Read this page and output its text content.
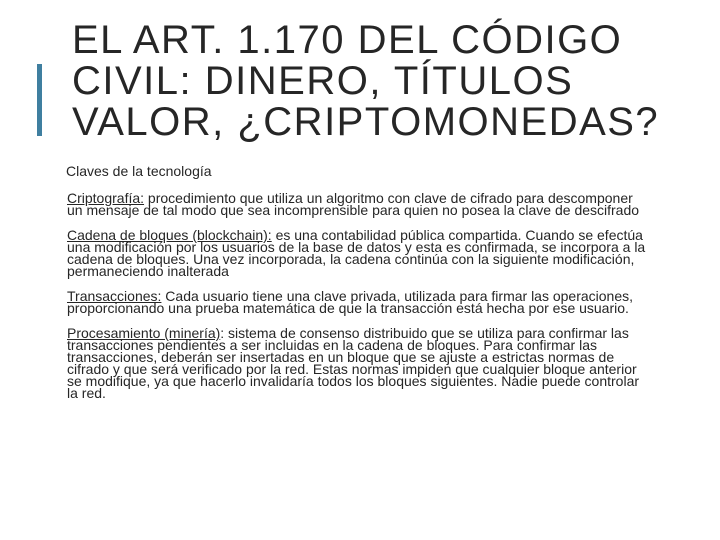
EL ART. 1.170 DEL CÓDIGO CIVIL: DINERO, TÍTULOS VALOR, ¿CRIPTOMONEDAS?
Claves de la tecnología

Criptografía: procedimiento que utiliza un algoritmo con clave de cifrado para descomponer un mensaje de tal modo que sea incomprensible para quien no posea la clave de descifrado

Cadena de bloques (blockchain): es una contabilidad pública compartida. Cuando se efectúa una modificación por los usuarios de la base de datos y esta es confirmada, se incorpora a la cadena de bloques. Una vez incorporada, la cadena continúa con la siguiente modificación, permaneciendo inalterada

Transacciones: Cada usuario tiene una clave privada, utilizada para firmar las operaciones, proporcionando una prueba matemática de que la transacción está hecha por ese usuario.

Procesamiento (minería): sistema de consenso distribuido que se utiliza para confirmar las transacciones pendientes a ser incluidas en la cadena de bloques. Para confirmar las transacciones, deberán ser insertadas en un bloque que se ajuste a estrictas normas de cifrado y que será verificado por la red. Estas normas impiden que cualquier bloque anterior se modifique, ya que hacerlo invalidaría todos los bloques siguientes. Nadie puede controlar la red.
